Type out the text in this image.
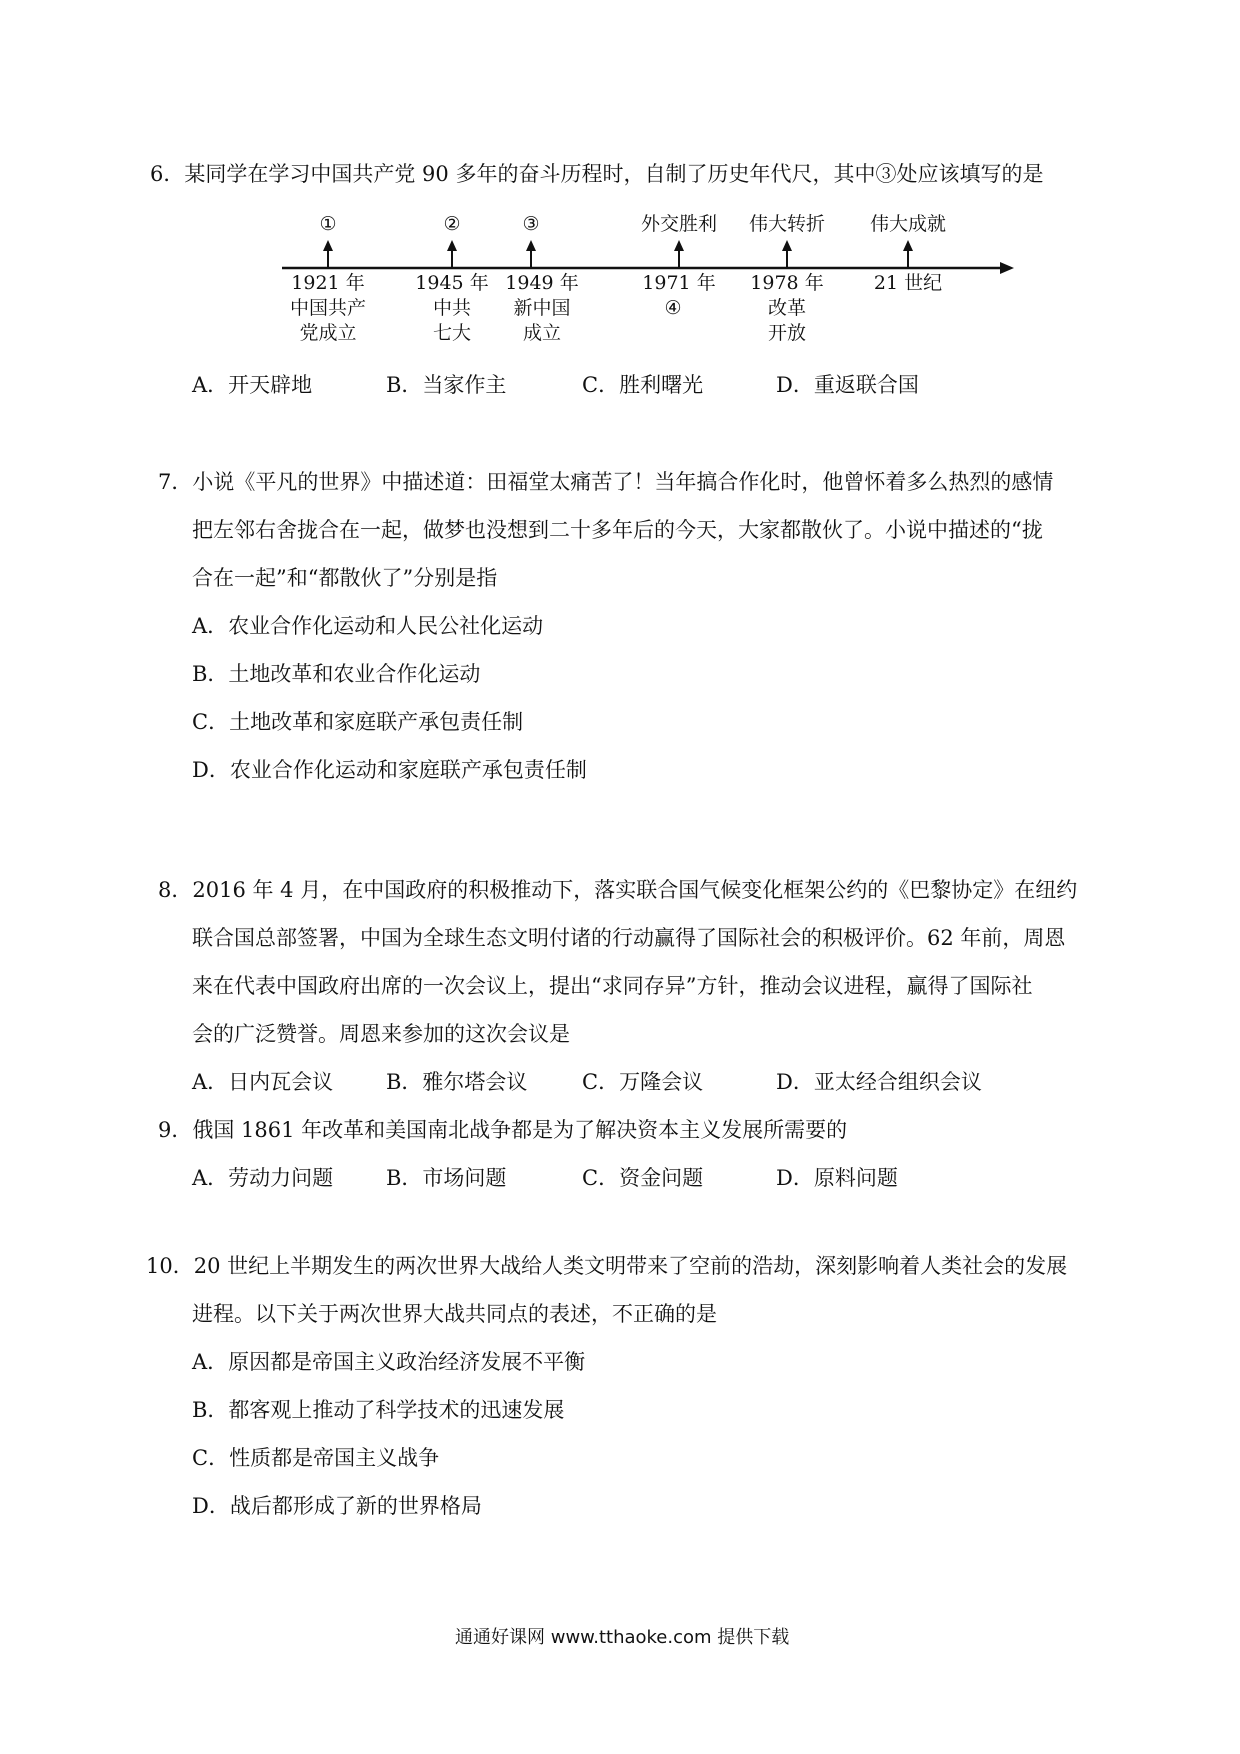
6．某同学在学习中国共产党 90 多年的奋斗历程时，自制了历史年代尺，其中③处应该填写的是
①	②	③	外交胜利	伟大转折	伟大成就
1921 年
中国共产
党成立
1945 年
中共
七大
1949 年
新中国
成立
1971 年
④
1978 年
改革
开放
21 世纪
A．开天辟地	B．当家作主	C．胜利曙光	D．重返联合国
7．小说《平凡的世界》中描述道：田福堂太痛苦了！当年搞合作化时，他曾怀着多么热烈的感情
把左邻右舍拢合在一起，做梦也没想到二十多年后的今天，大家都散伙了。小说中描述的“拢
合在一起”和“都散伙了”分别是指
A．农业合作化运动和人民公社化运动
B．土地改革和农业合作化运动
C．土地改革和家庭联产承包责任制
D．农业合作化运动和家庭联产承包责任制
8．2016 年 4 月，在中国政府的积极推动下，落实联合国气候变化框架公约的《巴黎协定》在纽约
联合国总部签署，中国为全球生态文明付诸的行动赢得了国际社会的积极评价。62 年前，周恩
来在代表中国政府出席的一次会议上，提出“求同存异”方针，推动会议进程，赢得了国际社
会的广泛赞誉。周恩来参加的这次会议是
A．日内瓦会议	B．雅尔塔会议	C．万隆会议	D．亚太经合组织会议
9．俄国 1861 年改革和美国南北战争都是为了解决资本主义发展所需要的
A．劳动力问题	B．市场问题	C．资金问题	D．原料问题
10．20 世纪上半期发生的两次世界大战给人类文明带来了空前的浩劫，深刻影响着人类社会的发展
进程。以下关于两次世界大战共同点的表述，不正确的是
A．原因都是帝国主义政治经济发展不平衡
B．都客观上推动了科学技术的迅速发展
C．性质都是帝国主义战争
D．战后都形成了新的世界格局
通通好课网 www.tthaoke.com 提供下载
